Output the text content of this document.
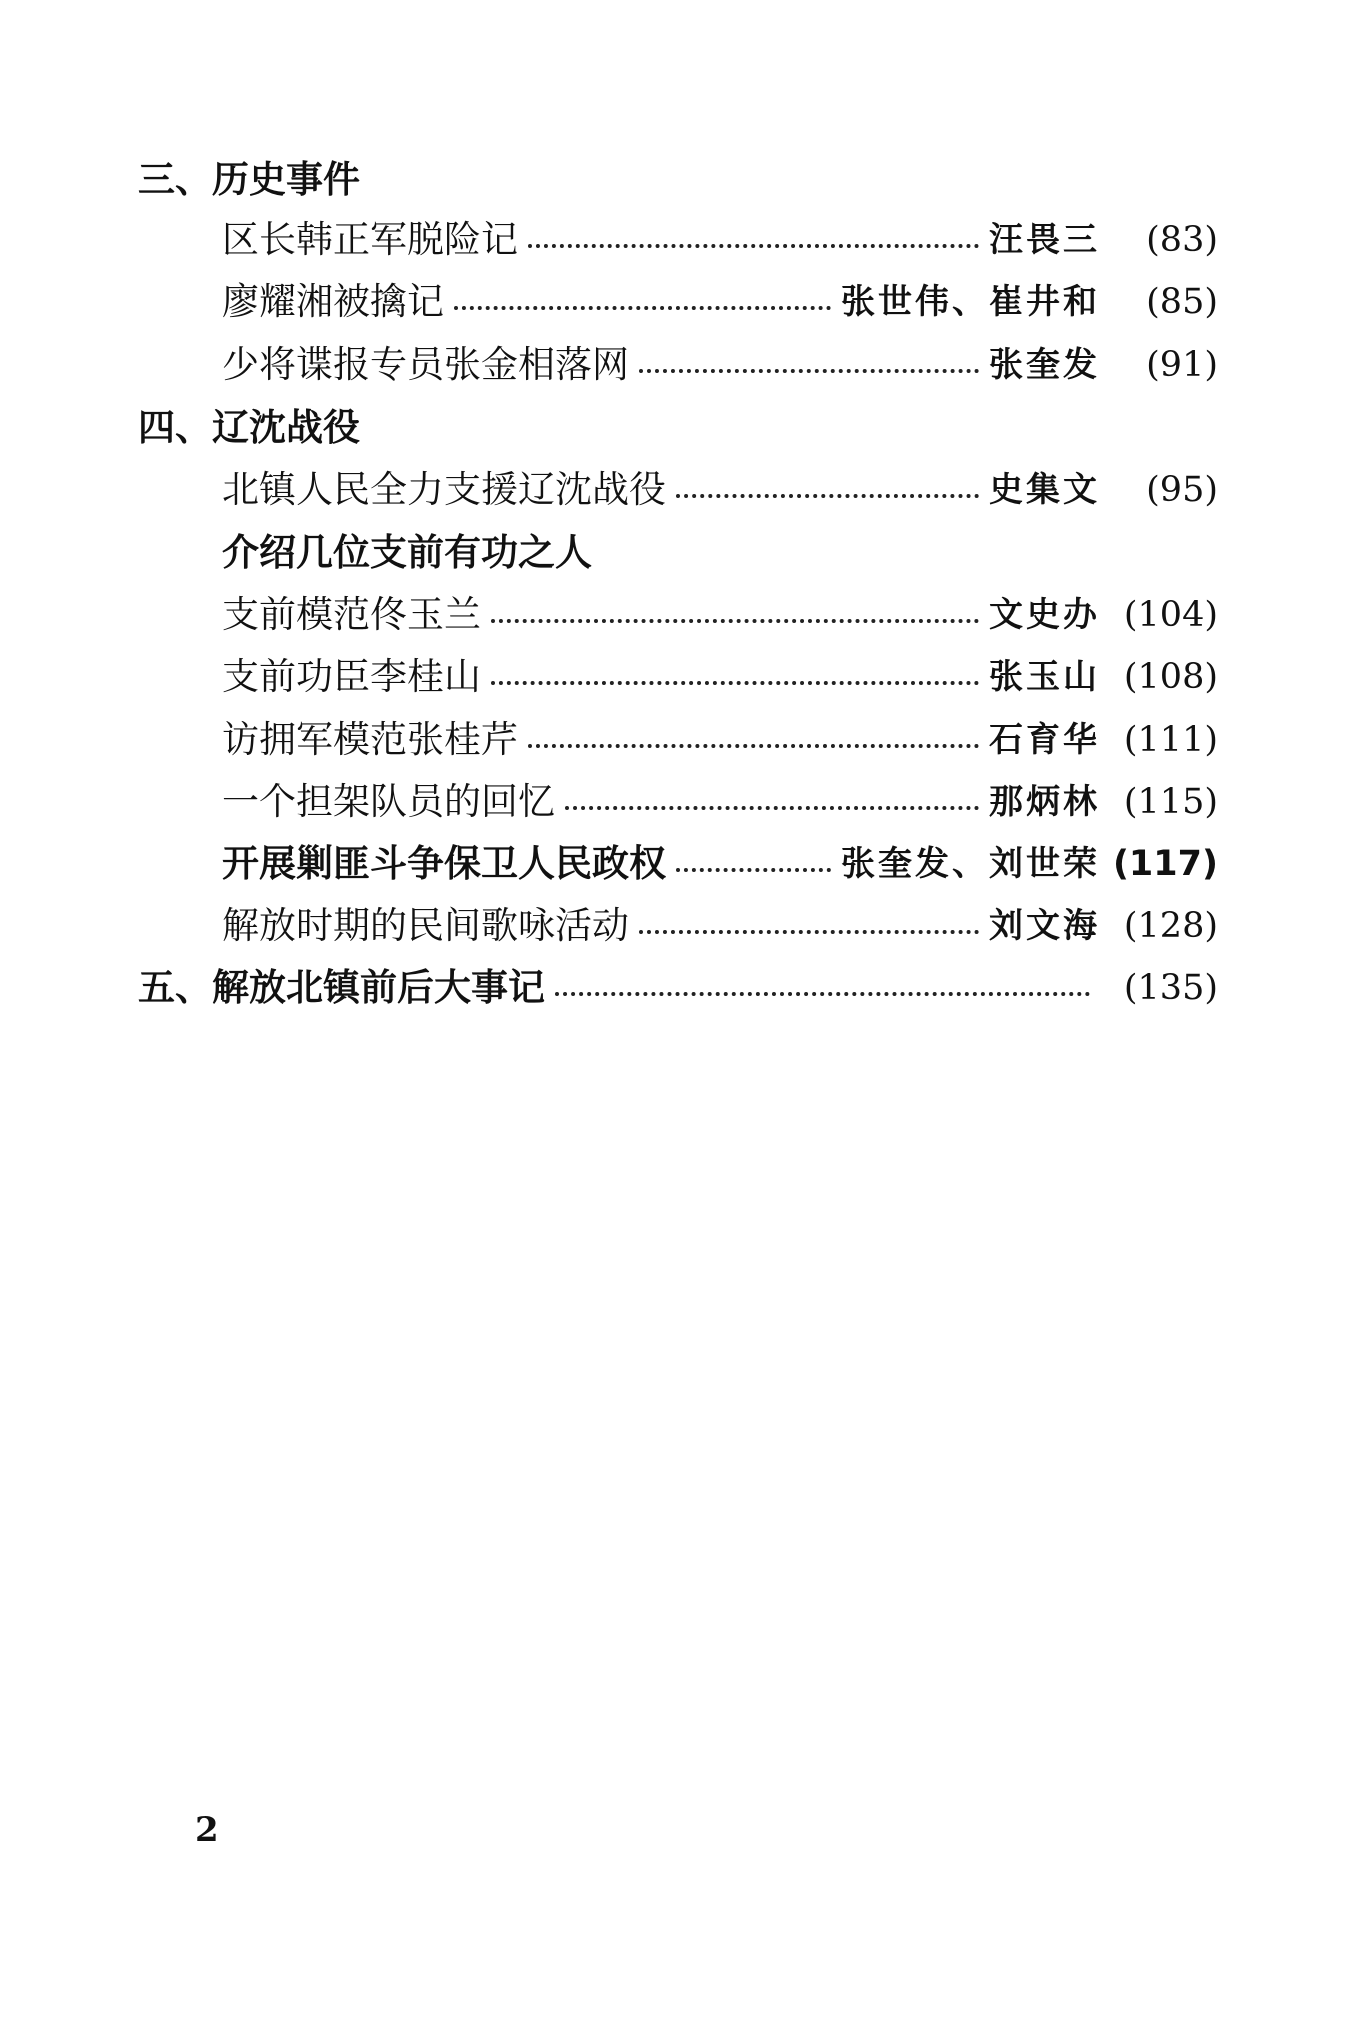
三、历史事件
区长韩正军脱险记	汪畏三	(83)
廖耀湘被擒记	张世伟、崔井和	(85)
少将谍报专员张金相落网	张奎发	(91)
四、辽沈战役
北镇人民全力支援辽沈战役	史集文	(95)
介绍几位支前有功之人
支前模范佟玉兰	文史办 (104)
支前功臣李桂山	张玉山 (108)
访拥军模范张桂芹	石育华 (111)
一个担架队员的回忆	那炳林 (115)
开展剿匪斗争保卫人民政权	张奎发、刘世荣 (117)
解放时期的民间歌咏活动	刘文海 (128)
五、解放北镇前后大事记	(135)
2
